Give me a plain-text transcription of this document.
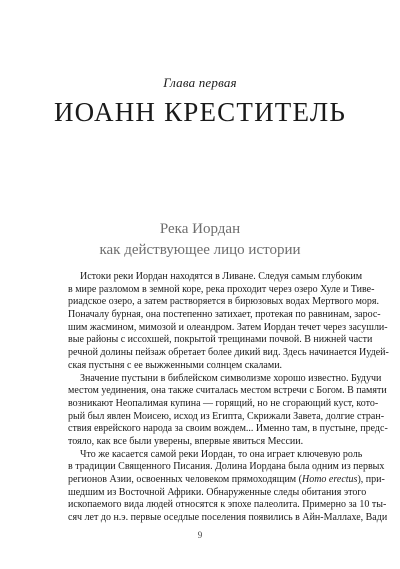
Глава первая
ИОАНН КРЕСТИТЕЛЬ
Река Иордан
как действующее лицо истории
Истоки реки Иордан находятся в Ливане. Следуя самым глубоким
в мире разломом в земной коре, река проходит через озеро Хуле и Тиве-
риадское озеро, а затем растворяется в бирюзовых водах Мертвого моря.
Поначалу бурная, она постепенно затихает, протекая по равнинам, зарос-
шим жасмином, мимозой и олеандром. Затем Иордан течет через засушли-
вые районы с иссохшей, покрытой трещинами почвой. В нижней части
речной долины пейзаж обретает более дикий вид. Здесь начинается Иудей-
ская пустыня с ее выжженными солнцем скалами.
Значение пустыни в библейском символизме хорошо известно. Будучи
местом уединения, она также считалась местом встречи с Богом. В памяти
возникают Неопалимая купина — горящий, но не сгорающий куст, кото-
рый был явлен Моисею, исход из Египта, Скрижали Завета, долгие стран-
ствия еврейского народа за своим вождем... Именно там, в пустыне, предс-
тояло, как все были уверены, впервые явиться Мессии.
Что же касается самой реки Иордан, то она играет ключевую роль
в традиции Священного Писания. Долина Иордана была одним из первых
регионов Азии, освоенных человеком прямоходящим (Homo erectus), при-
шедшим из Восточной Африки. Обнаруженные следы обитания этого
ископаемого вида людей относятся к эпохе палеолита. Примерно за 10 ты-
сяч лет до н.э. первые оседлые поселения появились в Айн-Маллахе, Вади
9
